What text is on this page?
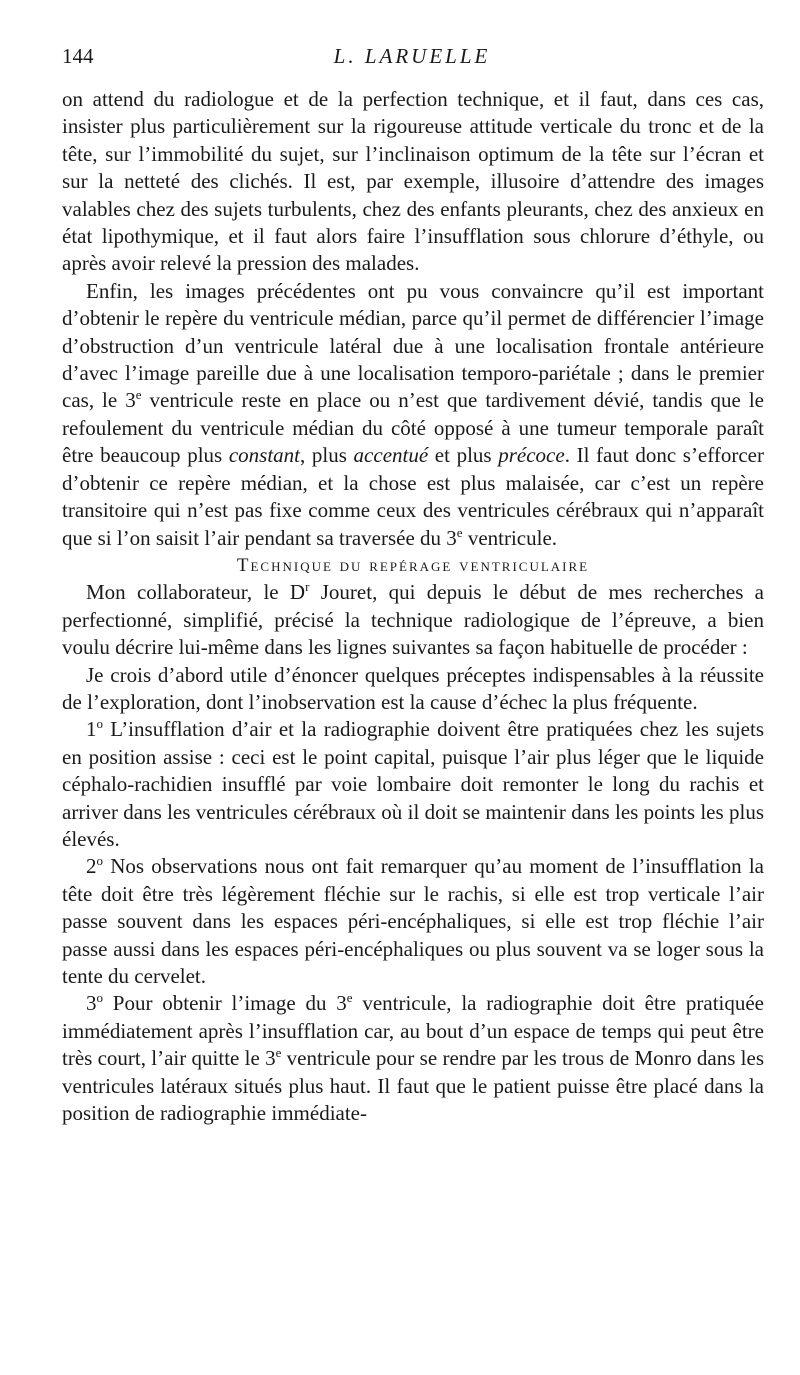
144	L. LARUELLE

on attend du radiologue et de la perfection technique, et il faut, dans ces cas, insister plus particulièrement sur la rigoureuse attitude verticale du tronc et de la tête, sur l’immobilité du sujet, sur l’inclinaison optimum de la tête sur l’écran et sur la netteté des clichés. Il est, par exemple, illusoire d’attendre des images valables chez des sujets turbulents, chez des enfants pleurants, chez des anxieux en état lipothymique, et il faut alors faire l’insufflation sous chlorure d’éthyle, ou après avoir relevé la pression des malades.

Enfin, les images précédentes ont pu vous convaincre qu’il est important d’obtenir le repère du ventricule médian, parce qu’il permet de différencier l’image d’obstruction d’un ventricule latéral due à une localisation frontale antérieure d’avec l’image pareille due à une localisation temporo-pariétale ; dans le premier cas, le 3e ventricule reste en place ou n’est que tardivement dévié, tandis que le refoulement du ventricule médian du côté opposé à une tumeur temporale paraît être beaucoup plus constant, plus accentué et plus précoce. Il faut donc s’efforcer d’obtenir ce repère médian, et la chose est plus malaisée, car c’est un repère transitoire qui n’est pas fixe comme ceux des ventricules cérébraux qui n’apparaît que si l’on saisit l’air pendant sa traversée du 3e ventricule.

Technique du repérage ventriculaire

Mon collaborateur, le $D^r$ Jouret, qui depuis le début de mes recherches a perfectionné, simplifié, précisé la technique radiologique de l’épreuve, a bien voulu décrire lui-même dans les lignes suivantes sa façon habituelle de procéder :

Je crois d’abord utile d’énoncer quelques préceptes indispensables à la réussite de l’exploration, dont l’inobservation est la cause d’échec la plus fréquente.

1$^o$ L’insufflation d’air et la radiographie doivent être pratiquées chez les sujets en position assise : ceci est le point capital, puisque l’air plus léger que le liquide céphalo-rachidien insufflé par voie lombaire doit remonter le long du rachis et arriver dans les ventricules cérébraux où il doit se maintenir dans les points les plus élevés.

2$^o$ Nos observations nous ont fait remarquer qu’au moment de l’insufflation la tête doit être très légèrement fléchie sur le rachis, si elle est trop verticale l’air passe souvent dans les espaces péri-encéphaliques, si elle est trop fléchie l’air passe aussi dans les espaces péri-encéphaliques ou plus souvent va se loger sous la tente du cervelet.

3$^o$ Pour obtenir l’image du 3e ventricule, la radiographie doit être pratiquée immédiatement après l’insufflation car, au bout d’un espace de temps qui peut être très court, l’air quitte le 3e ventricule pour se rendre par les trous de Monro dans les ventricules latéraux situés plus haut. Il faut que le patient puisse être placé dans la position de radiographie immédiate-
